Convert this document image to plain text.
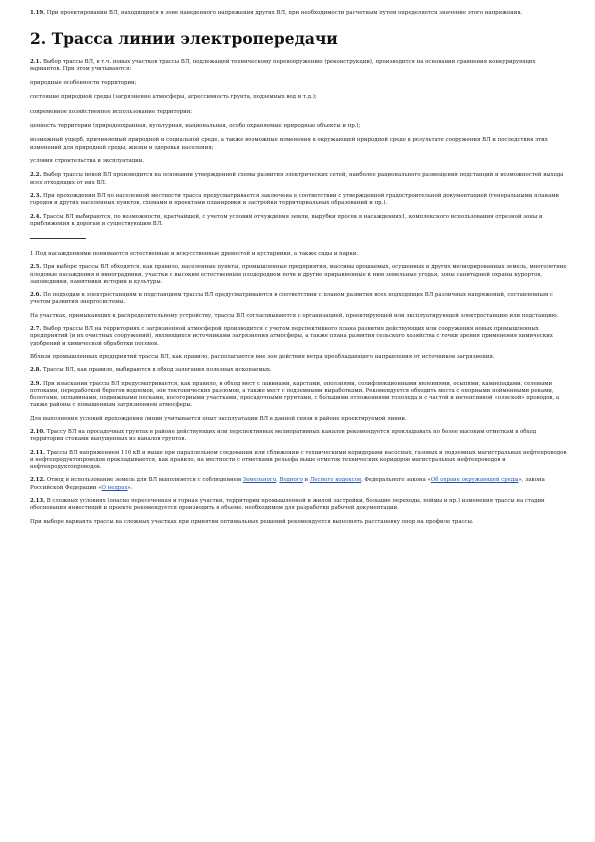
1.19. При проектировании ВЛ, находящихся в зоне наведенного напряжения других ВЛ, при необходимости расчетным путем определяется значение этого напряжения.

2. Трасса линии электропередачи

2.1. Выбор трассы ВЛ, в т.ч. новых участков трассы ВЛ, подлежащей техническому перевооружению (реконструкции), производится на основании сравнения конкурирующих вариантов. При этом учитываются:

природные особенности территории;

состояние природной среды (загрязнение атмосферы, агрессивность грунта, подземных вод и т.д.);

современное хозяйственное использование территории;

ценность территории (природоохранная, культурная, национальная, особо охраняемые природные объекты и пр.);

возможный ущерб, причиняемый природной и социальной среде, а также возможные изменения в окружающей природной среде в результате сооружения ВЛ и последствия этих изменений для природной среды, жизни и здоровья населения;

условия строительства и эксплуатации.

2.2. Выбор трассы новой ВЛ производится на основании утвержденной схемы развития электрических сетей, наиболее рационального размещения подстанций и возможностей выхода всех отходящих от них ВЛ.

2.3. При прохождении ВЛ по населенной местности трасса предусматривается заключена в соответствии с утвержденной градостроительной документацией (генеральными планами городов и других населенных пунктов, схемами и проектами планировки и застройки территориальных образований и пр.).

2.4. Трассы ВЛ выбираются, по возможности, кратчайшей, с учетом условий отчуждения земли, вырубки просек в насаждениях1, комплексного использования отрезной зоны и приближения к дорогам и существующим ВЛ.

1 Под насаждениями понимаются естественные и искусственные древостой и кустарники, а также сады и парки.

2.5. При выборе трассы ВЛ обходятся, как правило, населенные пункты, промышленные предприятия, массивы орошаемых, осушенных и других мелиорированных земель, многолетние плодовые насаждения и виноградники, участки с высоким естественным плодородием почв и другие приравненные к ним земельные угодья, зоны санитарной охраны курортов, заповедники, памятники истории и культуры.

2.6. По подходам к электростанциям и подстанциям трассы ВЛ предусматриваются в соответствии с планом развития всех подходящих ВЛ различных напряжений, составленным с учетом развития энергосистемы.

На участках, примыкающих к распределительному устройству, трассы ВЛ согласовываются с организацией, проектирующей или эксплуатирующей электростанцию или подстанцию.

2.7. Выбор трассы ВЛ на территориях с загрязненной атмосферой производится с учетом перспективного плана развития действующих или сооружения новых промышленных предприятий (и их очистных сооружений), являющихся источниками загрязнения атмосферы, а также плана развития сельского хозяйства с точки зрения применения химических удобрений и химической обработки посевов.

Вблизи промышленных предприятий трассы ВЛ, как правило, располагаются вне зон действия ветра преобладающего направления от источников загрязнения.

2.8. Трассы ВЛ, как правило, выбираются в обход залегания полезных ископаемых.

2.9. При изыскании трассы ВЛ предусматривается, как правило, в обход мест с лавинами, карстами, оползнями, солифлюкционными явлениями, осыпями, камнепадами, селевыми потоками, переработкой берегов водоемов, зон тектонических разломов, а также мест с подземными выработками. Рекомендуется обходить места с опорными пойменными реками, болотами, оплывинами, подвижными песками, косогорными участками, просадочными грунтами, с большими отложениями гололеда и с частой и интенсивной «пляской» проводов, а также районы с повышенным загрязнением атмосферы.

Для выполнения условий прохождения линии учитывается опыт эксплуатации ВЛ в данной связи в районе проектируемой линии.

2.10. Трассу ВЛ на просадочных грунтах в районе действующих или перспективных мелиоративных каналов рекомендуется прокладывать по более высоким отметкам в обход территории стоками выпущенных из каналов грунтов.

2.11. Трассы ВЛ напряжением 110 кВ и выше при параллельном следовании или сближении с техническими коридорами насосных, газовых и подземных магистральных нефтепроводов и нефтепродуктопроводов прокладываются, как правило, на местности с отметками рельефа выше отметок технических коридоров магистральных нефтепроводов и нефтепродуктопроводов.

2.12. Отвод и использование земель для ВЛ выполняется с соблюдением Земельного, Водного и Лесного кодексов, Федерального закона «Об охране окружающей среды», закона Российской Федерации «О недрах».

2.13. В сложных условиях (опасно пересеченная и горная участки, территории промышленной и жилой застройки, большие переходы, поймы и пр.) изменения трассы на стадии обоснования инвестиций и проекте рекомендуется производить в объеме, необходимом для разработки рабочей документации.

При выборе варианта трассы на сложных участках при принятии оптимальных решений рекомендуется выполнять расстановку опор на профиле трассы.
